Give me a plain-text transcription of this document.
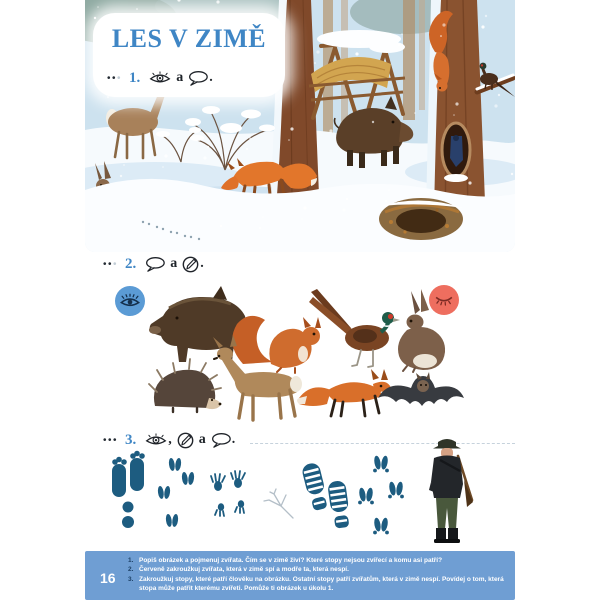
LES V ZIMĚ
••• 1.	a .
••• 2. a .
••• 3. , a .
16
1. Popiš obrázek a pojmenuj zvířata. Čím se v zimě živí? Které stopy nejsou zvířecí a komu asi patří?
2. Červeně zakroužkuj zvířata, která v zimě spí a modře ta, která nespí.
3. Zakroužkuj stopy, které patří člověku na obrázku. Ostatní stopy patří zvířatům, která v zimě nespí. Povídej o tom, která stopa může patřit kterému zvířeti. Pomůže ti obrázek u úkolu 1.
